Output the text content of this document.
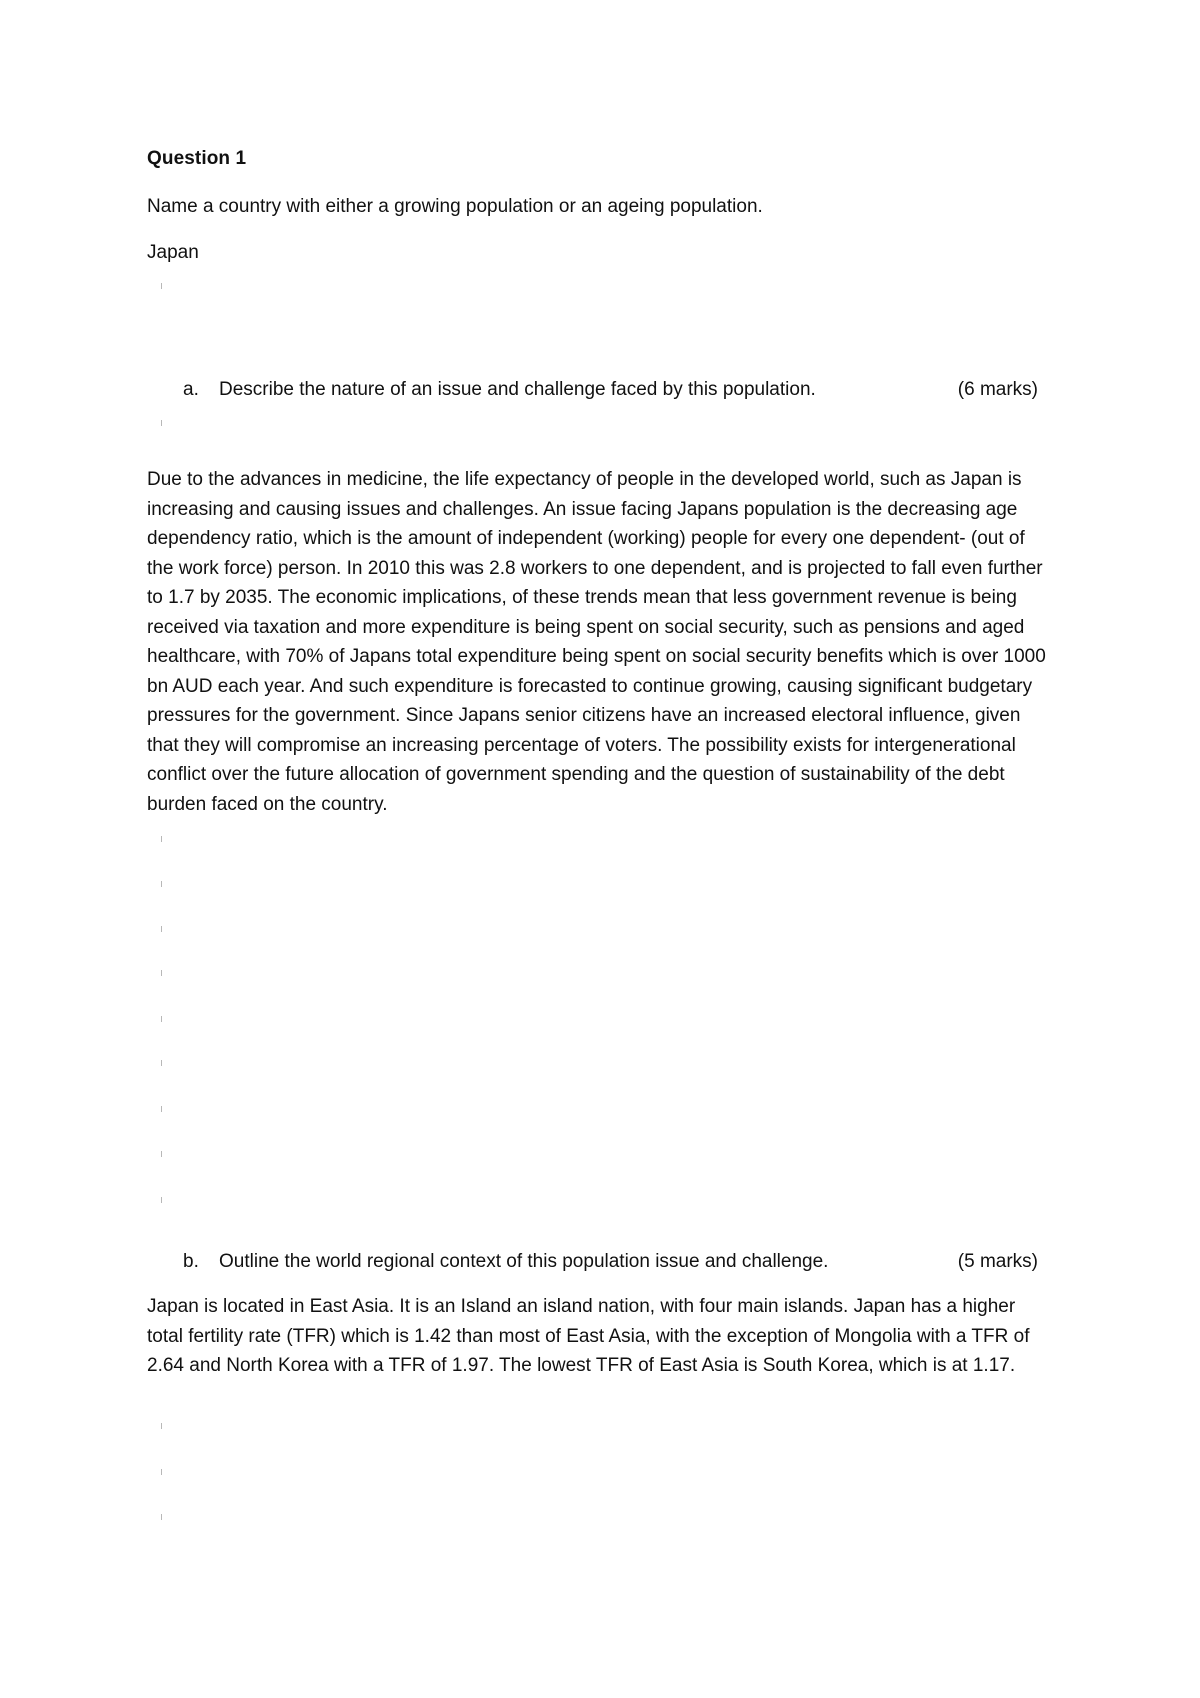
Question 1
Name a country with either a growing population or an ageing population.
Japan
a. Describe the nature of an issue and challenge faced by this population.	(6 marks)
Due to the advances in medicine, the life expectancy of people in the developed world, such as Japan is increasing and causing issues and challenges. An issue facing Japans population is the decreasing age dependency ratio, which is the amount of independent (working) people for every one dependent- (out of the work force) person. In 2010 this was 2.8 workers to one dependent, and is projected to fall even further to 1.7 by 2035. The economic implications, of these trends mean that less government revenue is being received via taxation and more expenditure is being spent on social security, such as pensions and aged healthcare, with 70% of Japans total expenditure being spent on social security benefits which is over 1000 bn AUD each year. And such expenditure is forecasted to continue growing, causing significant budgetary pressures for the government. Since Japans senior citizens have an increased electoral influence, given that they will compromise an increasing percentage of voters. The possibility exists for intergenerational conflict over the future allocation of government spending and the question of sustainability of the debt burden faced on the country.
b. Outline the world regional context of this population issue and challenge.	(5 marks)
Japan is located in East Asia. It is an Island an island nation, with four main islands. Japan has a higher total fertility rate (TFR) which is 1.42 than most of East Asia, with the exception of Mongolia with a TFR of 2.64 and North Korea with a TFR of 1.97. The lowest TFR of East Asia is South Korea, which is at 1.17.
